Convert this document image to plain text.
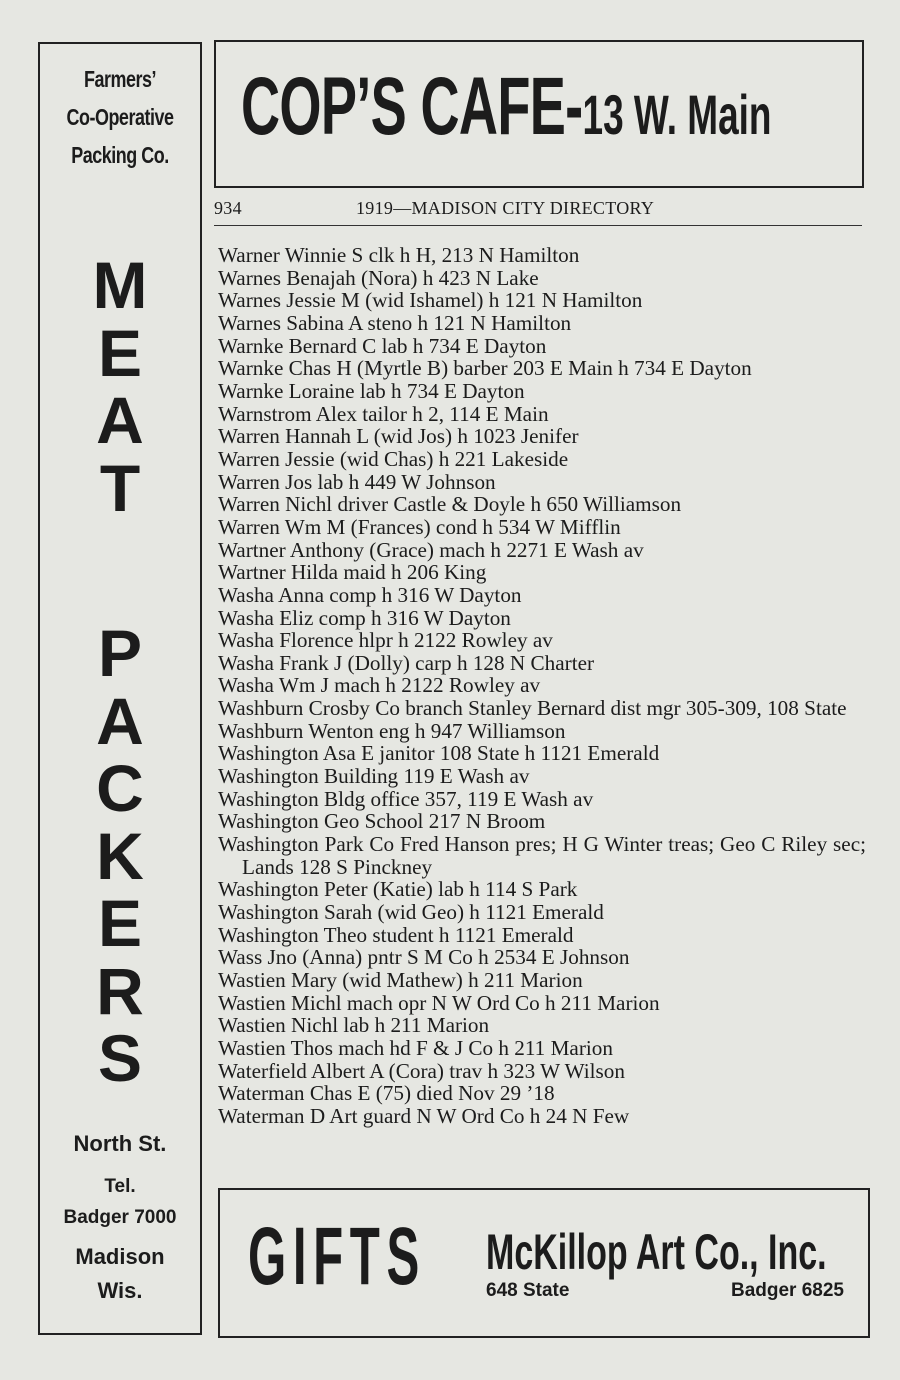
Farmers’
Co-Operative
Packing Co.
M
E
A
T
P
A
C
K
E
R
S
North St.
Tel.
Badger 7000
Madison
Wis.
COP’S CAFE-13 W. Main
934	1919—MADISON CITY DIRECTORY
Warner Winnie S clk h H, 213 N Hamilton
Warnes Benajah (Nora) h 423 N Lake
Warnes Jessie M (wid Ishamel) h 121 N Hamilton
Warnes Sabina A steno h 121 N Hamilton
Warnke Bernard C lab h 734 E Dayton
Warnke Chas H (Myrtle B) barber 203 E Main h 734 E Dayton
Warnke Loraine lab h 734 E Dayton
Warnstrom Alex tailor h 2, 114 E Main
Warren Hannah L (wid Jos) h 1023 Jenifer
Warren Jessie (wid Chas) h 221 Lakeside
Warren Jos lab h 449 W Johnson
Warren Nichl driver Castle & Doyle h 650 Williamson
Warren Wm M (Frances) cond h 534 W Mifflin
Wartner Anthony (Grace) mach h 2271 E Wash av
Wartner Hilda maid h 206 King
Washa Anna comp h 316 W Dayton
Washa Eliz comp h 316 W Dayton
Washa Florence hlpr h 2122 Rowley av
Washa Frank J (Dolly) carp h 128 N Charter
Washa Wm J mach h 2122 Rowley av
Washburn Crosby Co branch Stanley Bernard dist mgr 305-309, 108 State
Washburn Wenton eng h 947 Williamson
Washington Asa E janitor 108 State h 1121 Emerald
Washington Building 119 E Wash av
Washington Bldg office 357, 119 E Wash av
Washington Geo School 217 N Broom
Washington Park Co Fred Hanson pres; H G Winter treas; Geo C Riley sec; Lands 128 S Pinckney
Washington Peter (Katie) lab h 114 S Park
Washington Sarah (wid Geo) h 1121 Emerald
Washington Theo student h 1121 Emerald
Wass Jno (Anna) pntr S M Co h 2534 E Johnson
Wastien Mary (wid Mathew) h 211 Marion
Wastien Michl mach opr N W Ord Co h 211 Marion
Wastien Nichl lab h 211 Marion
Wastien Thos mach hd F & J Co h 211 Marion
Waterfield Albert A (Cora) trav h 323 W Wilson
Waterman Chas E (75) died Nov 29 ’18
Waterman D Art guard N W Ord Co h 24 N Few
GIFTS McKillop Art Co., Inc.
648 State	Badger 6825
